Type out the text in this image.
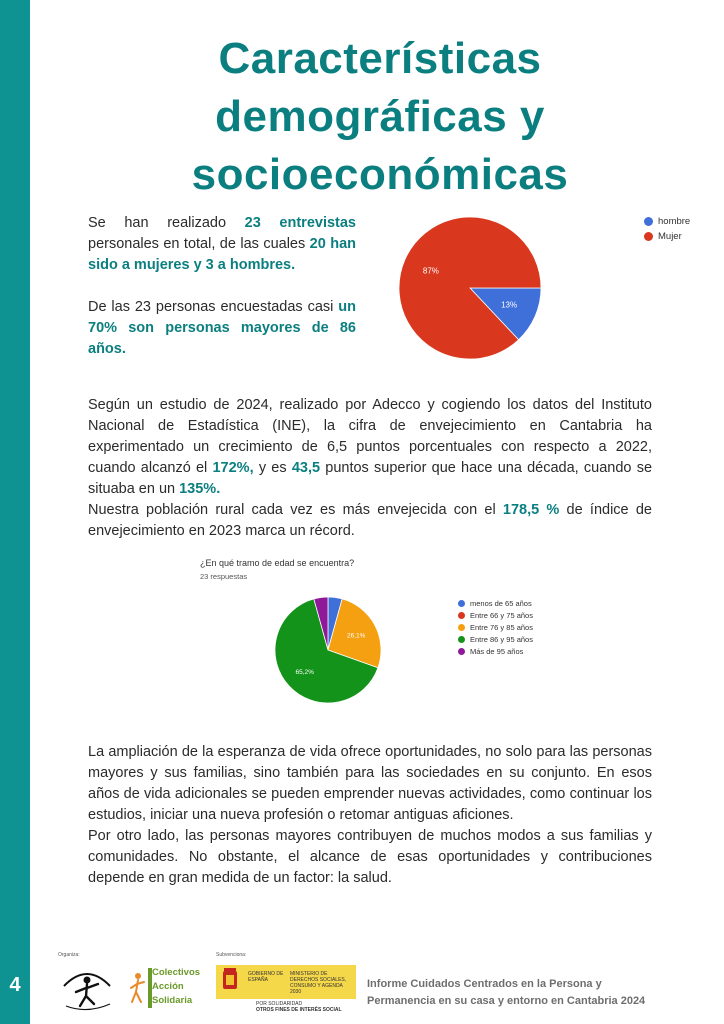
4
Características
demográficas y
socioeconómicas

Se han realizado 23 entrevistas personales en total, de las cuales 20 han sido a mujeres y 3 a hombres.

De las 23 personas encuestadas casi un 70% son personas mayores de 86 años.

13%
87%
hombre
Mujer

Según un estudio de 2024, realizado por Adecco y cogiendo los datos del Instituto Nacional de Estadística (INE), la cifra de envejecimiento en Cantabria ha experimentado un crecimiento de 6,5 puntos porcentuales con respecto a 2022, cuando alcanzó el 172%, y es 43,5 puntos superior que hace una década, cuando se situaba en un 135%.

Nuestra población rural cada vez es más envejecida con el 178,5 % de índice de envejecimiento en 2023 marca un récord.

¿En qué tramo de edad se encuentra?
23 respuestas
26,1%
65,2%
menos de 65 años
Entre 66 y 75 años
Entre 76 y 85 años
Entre 86 y 95 años
Más de 95 años

La ampliación de la esperanza de vida ofrece oportunidades, no solo para las personas mayores y sus familias, sino también para las sociedades en su conjunto. En esos años de vida adicionales se pueden emprender nuevas actividades, como continuar los estudios, iniciar una nueva profesión o retomar antiguas aficiones.

Por otro lado, las personas mayores contribuyen de muchos modos a sus familias y comunidades. No obstante, el alcance de esas oportunidades y contribuciones depende en gran medida de un factor: la salud.

Organiza:
Colectivos
Acción
Solidaria
Subvenciona:
GOBIERNO DE ESPAÑA
MINISTERIO DE DERECHOS SOCIALES, CONSUMO Y AGENDA 2030
POR SOLIDARIDAD
OTROS FINES DE INTERÉS SOCIAL
Informe Cuidados Centrados en la Persona y
Permanencia en su casa y entorno en Cantabria 2024
